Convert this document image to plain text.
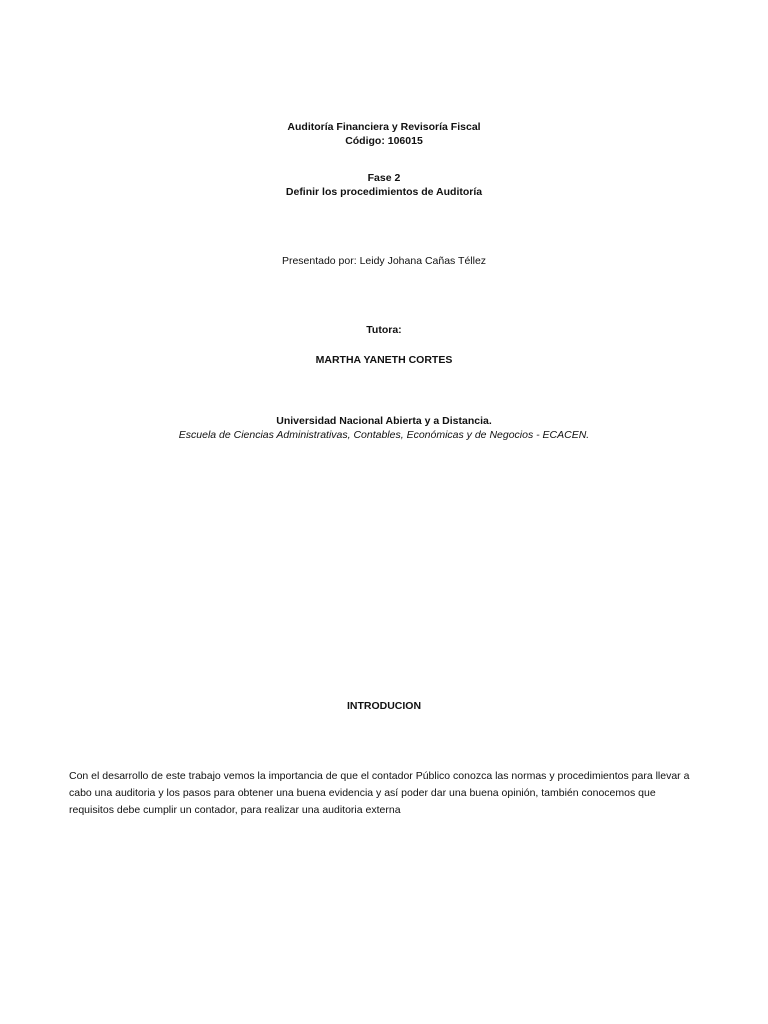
Auditoría Financiera y Revisoría Fiscal
Código: 106015
Fase 2
Definir los procedimientos de Auditoría
Presentado por: Leidy Johana Cañas Téllez
Tutora:
MARTHA YANETH CORTES
Universidad Nacional Abierta y a Distancia.
Escuela de Ciencias Administrativas, Contables, Económicas y de Negocios - ECACEN.
INTRODUCION

Con el desarrollo de este trabajo vemos la importancia de que el contador Público conozca las normas y procedimientos para llevar a

cabo una auditoria y los pasos para obtener una buena evidencia y así poder dar una buena opinión, también conocemos que

requisitos debe cumplir un contador, para realizar una auditoria externa
